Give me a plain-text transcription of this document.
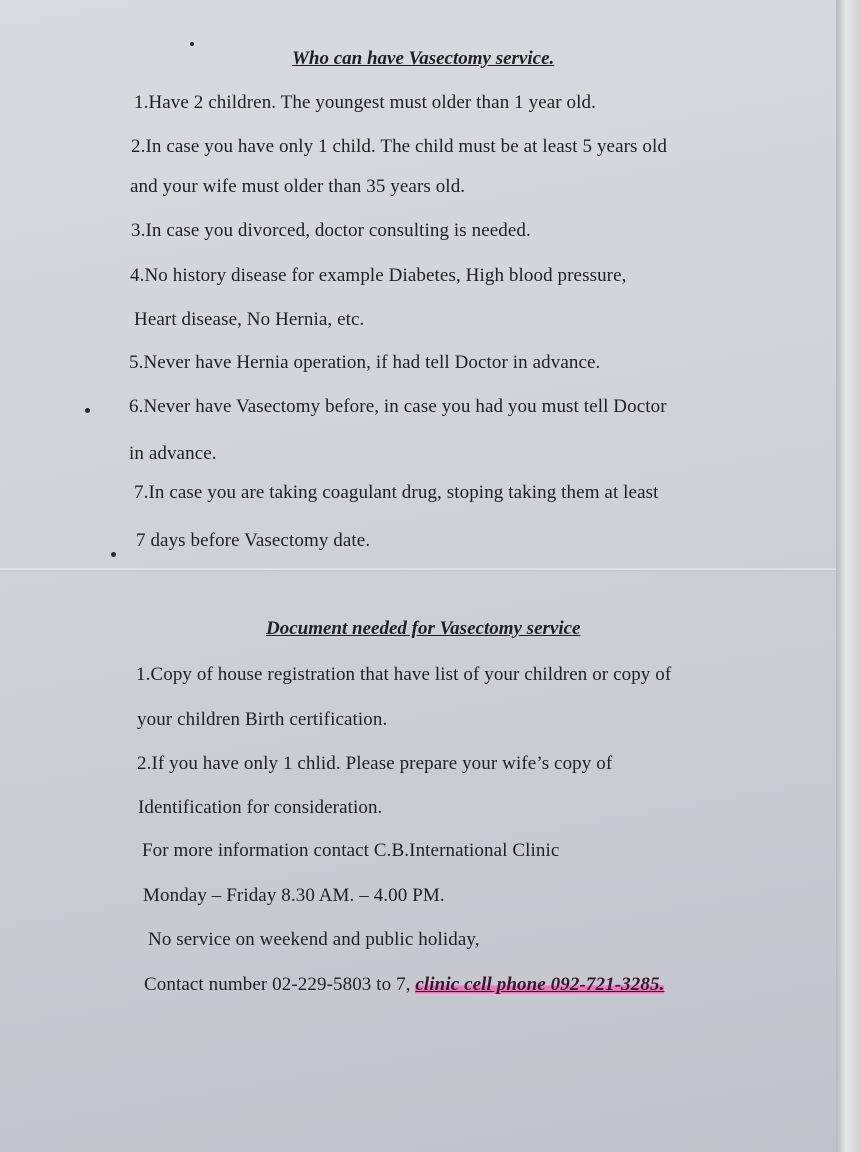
Who can have Vasectomy service.
1.Have 2 children. The youngest must older than 1 year old.
2.In case you have only 1 child. The child must be at least 5 years old
and your wife must older than 35 years old.
3.In case you divorced, doctor consulting is needed.
4.No history disease for example Diabetes, High blood pressure,
Heart disease, No Hernia, etc.
5.Never have Hernia operation, if had tell Doctor in advance.
6.Never have Vasectomy before, in case you had you must tell Doctor
in advance.
7.In case you are taking coagulant drug, stoping taking them at least
7 days before Vasectomy date.
Document needed for Vasectomy service
1.Copy of house registration that have list of your children or copy of
your children Birth certification.
2.If you have only 1 chlid. Please prepare your wife’s copy of
Identification for consideration.
For more information contact C.B.International Clinic
Monday – Friday 8.30 AM. – 4.00 PM.
No service on weekend and public holiday,
Contact number 02-229-5803 to 7, clinic cell phone 092-721-3285.
